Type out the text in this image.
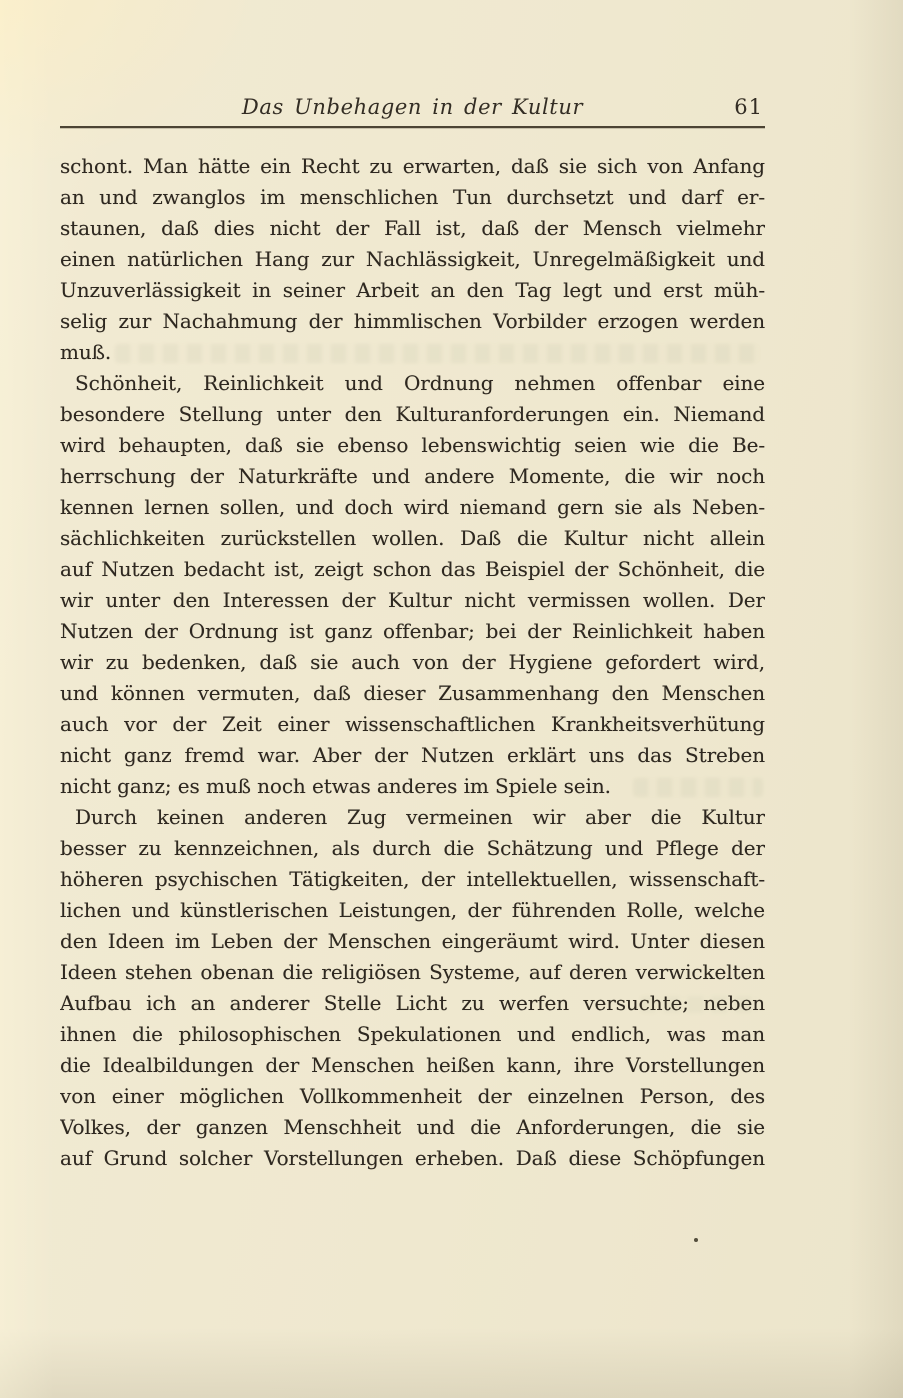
Das Unbehagen in der Kultur	61
schont. Man hätte ein Recht zu erwarten, daß sie sich von Anfang
an und zwanglos im menschlichen Tun durchsetzt und darf er-
staunen, daß dies nicht der Fall ist, daß der Mensch vielmehr
einen natürlichen Hang zur Nachlässigkeit, Unregelmäßigkeit und
Unzuverlässigkeit in seiner Arbeit an den Tag legt und erst müh-
selig zur Nachahmung der himmlischen Vorbilder erzogen werden
muß.
Schönheit, Reinlichkeit und Ordnung nehmen offenbar eine
besondere Stellung unter den Kulturanforderungen ein. Niemand
wird behaupten, daß sie ebenso lebenswichtig seien wie die Be-
herrschung der Naturkräfte und andere Momente, die wir noch
kennen lernen sollen, und doch wird niemand gern sie als Neben-
sächlichkeiten zurückstellen wollen. Daß die Kultur nicht allein
auf Nutzen bedacht ist, zeigt schon das Beispiel der Schönheit, die
wir unter den Interessen der Kultur nicht vermissen wollen. Der
Nutzen der Ordnung ist ganz offenbar; bei der Reinlichkeit haben
wir zu bedenken, daß sie auch von der Hygiene gefordert wird,
und können vermuten, daß dieser Zusammenhang den Menschen
auch vor der Zeit einer wissenschaftlichen Krankheitsverhütung
nicht ganz fremd war. Aber der Nutzen erklärt uns das Streben
nicht ganz; es muß noch etwas anderes im Spiele sein.
Durch keinen anderen Zug vermeinen wir aber die Kultur
besser zu kennzeichnen, als durch die Schätzung und Pflege der
höheren psychischen Tätigkeiten, der intellektuellen, wissenschaft-
lichen und künstlerischen Leistungen, der führenden Rolle, welche
den Ideen im Leben der Menschen eingeräumt wird. Unter diesen
Ideen stehen obenan die religiösen Systeme, auf deren verwickelten
Aufbau ich an anderer Stelle Licht zu werfen versuchte; neben
ihnen die philosophischen Spekulationen und endlich, was man
die Idealbildungen der Menschen heißen kann, ihre Vorstellungen
von einer möglichen Vollkommenheit der einzelnen Person, des
Volkes, der ganzen Menschheit und die Anforderungen, die sie
auf Grund solcher Vorstellungen erheben. Daß diese Schöpfungen
